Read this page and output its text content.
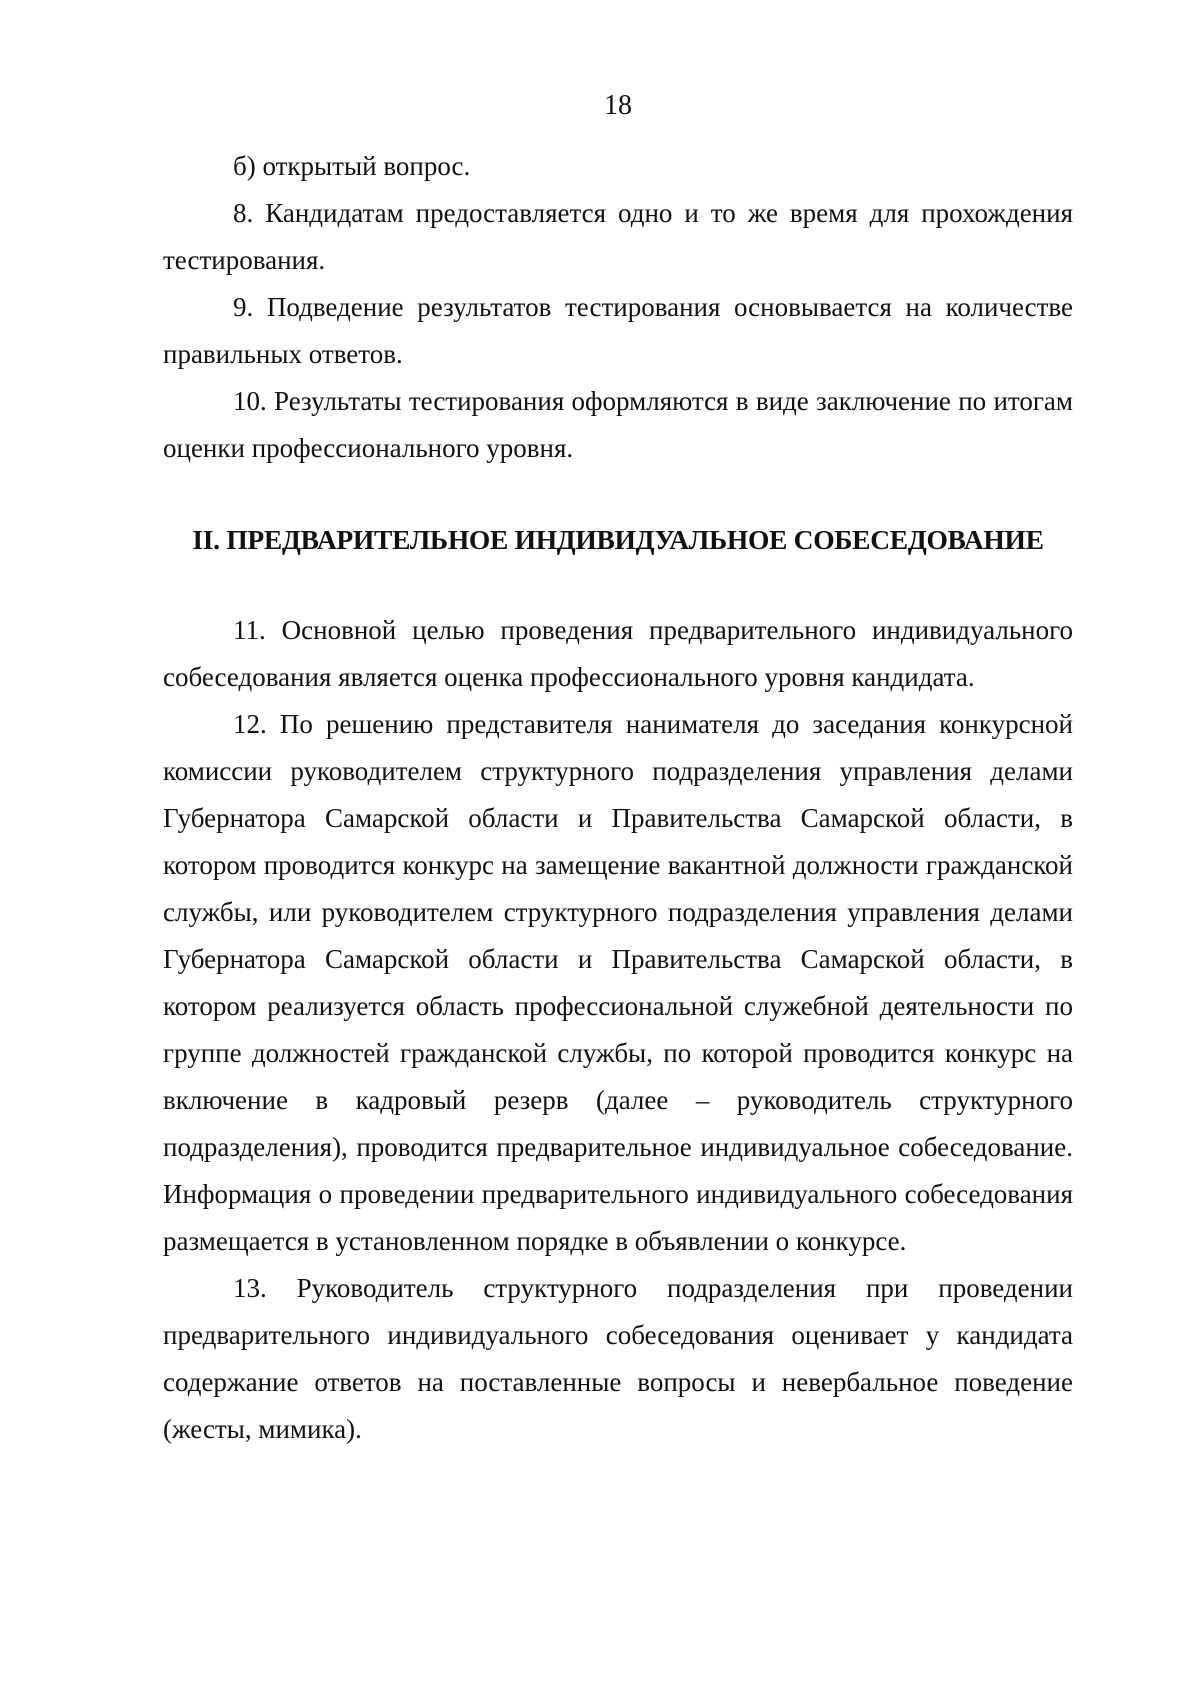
18

б) открытый вопрос.

8. Кандидатам предоставляется одно и то же время для прохождения тестирования.

9. Подведение результатов тестирования основывается на количестве правильных ответов.

10. Результаты тестирования оформляются в виде заключение по итогам оценки профессионального уровня.

II. ПРЕДВАРИТЕЛЬНОЕ ИНДИВИДУАЛЬНОЕ СОБЕСЕДОВАНИЕ

11. Основной целью проведения предварительного индивидуального собеседования является оценка профессионального уровня кандидата.

12. По решению представителя нанимателя до заседания конкурсной комиссии руководителем структурного подразделения управления делами Губернатора Самарской области и Правительства Самарской области, в котором проводится конкурс на замещение вакантной должности гражданской службы, или руководителем структурного подразделения управления делами Губернатора Самарской области и Правительства Самарской области, в котором реализуется область профессиональной служебной деятельности по группе должностей гражданской службы, по которой проводится конкурс на включение в кадровый резерв (далее – руководитель структурного подразделения), проводится предварительное индивидуальное собеседование. Информация о проведении предварительного индивидуального собеседования размещается в установленном порядке в объявлении о конкурсе.

13. Руководитель структурного подразделения при проведении предварительного индивидуального собеседования оценивает у кандидата содержание ответов на поставленные вопросы и невербальное поведение (жесты, мимика).
